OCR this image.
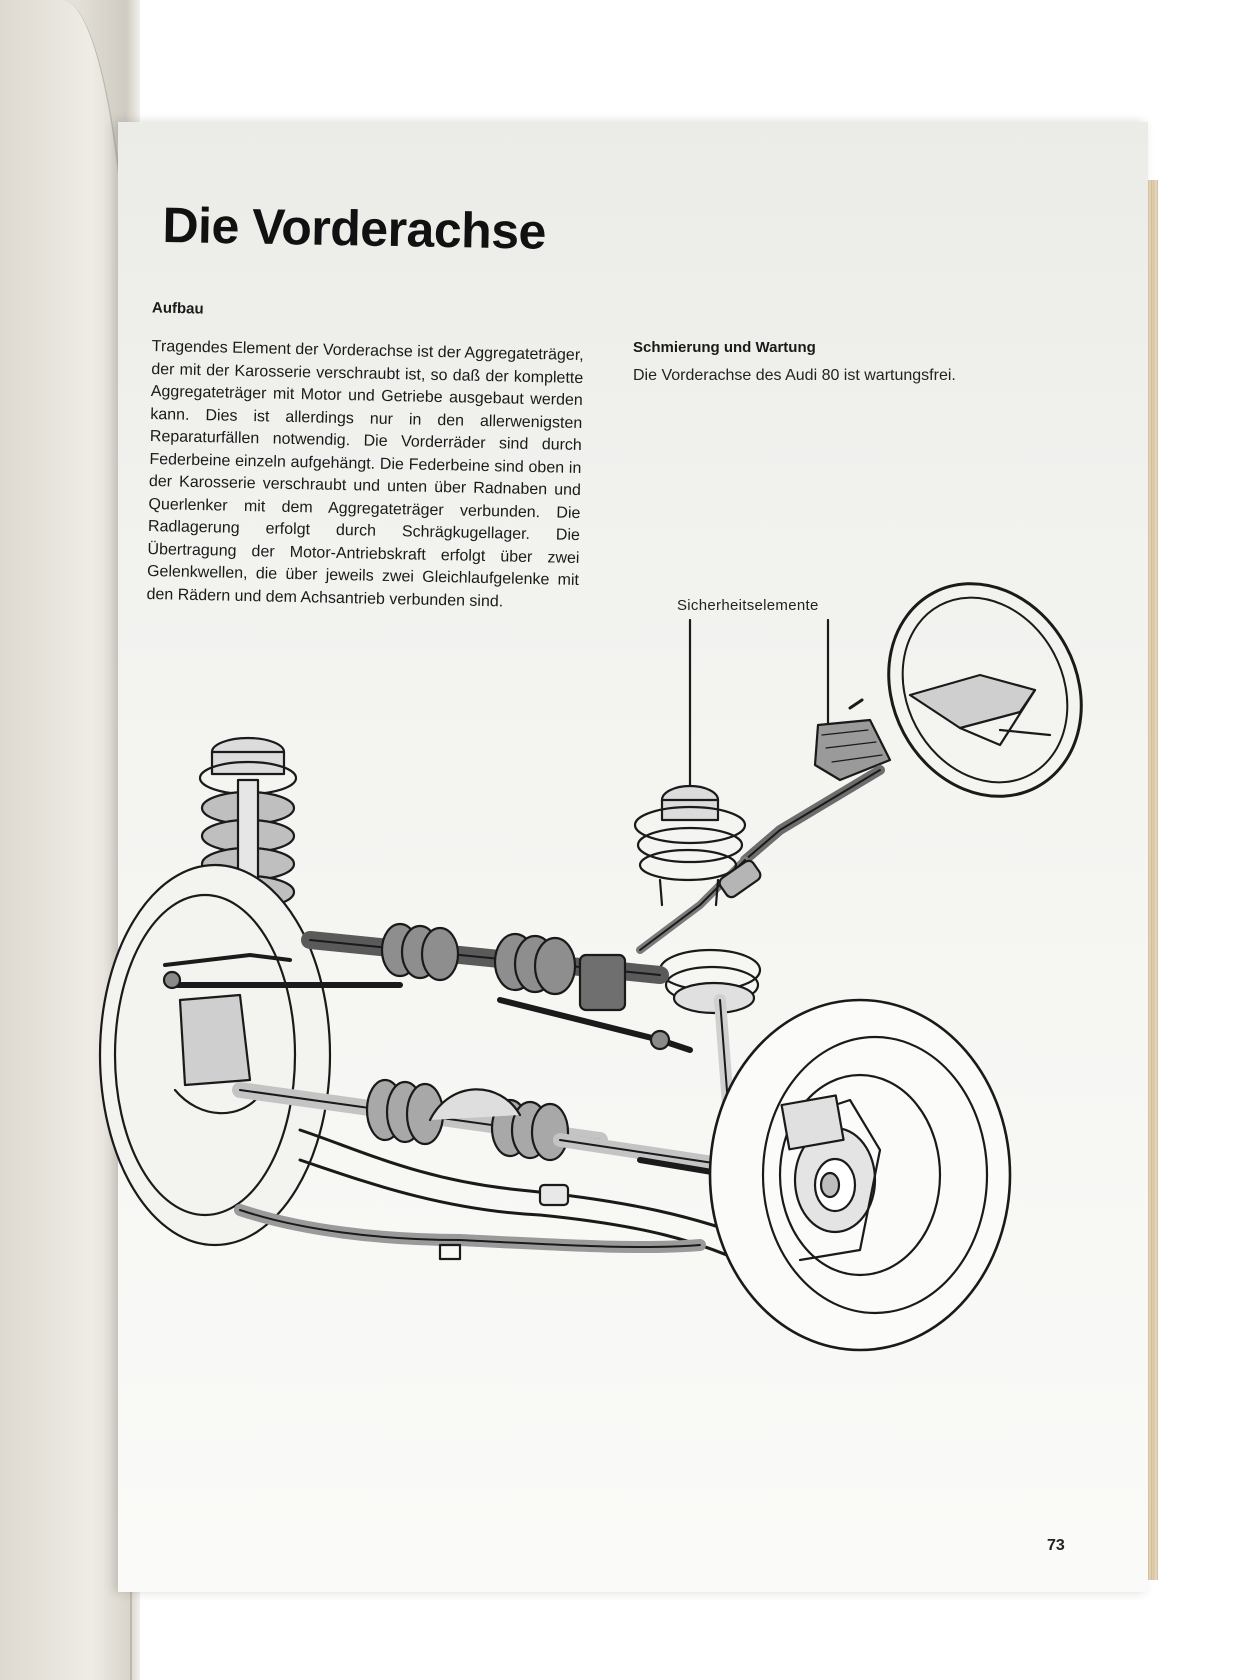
Die Vorderachse
Aufbau
Tragendes Element der Vorderachse ist der Aggregateträger, der mit der Karosserie verschraubt ist, so daß der komplette Aggregateträger mit Motor und Getriebe ausgebaut werden kann. Dies ist allerdings nur in den allerwenigsten Reparaturfällen notwendig. Die Vorderräder sind durch Federbeine einzeln aufgehängt. Die Federbeine sind oben in der Karosserie verschraubt und unten über Radnaben und Querlenker mit dem Aggregateträger verbunden. Die Radlagerung erfolgt durch Schrägkugellager. Die Übertragung der Motor-Antriebskraft erfolgt über zwei Gelenkwellen, die über jeweils zwei Gleichlaufgelenke mit den Rädern und dem Achsantrieb verbunden sind.
Schmierung und Wartung
Die Vorderachse des Audi 80 ist wartungsfrei.
Sicherheitselemente
73
